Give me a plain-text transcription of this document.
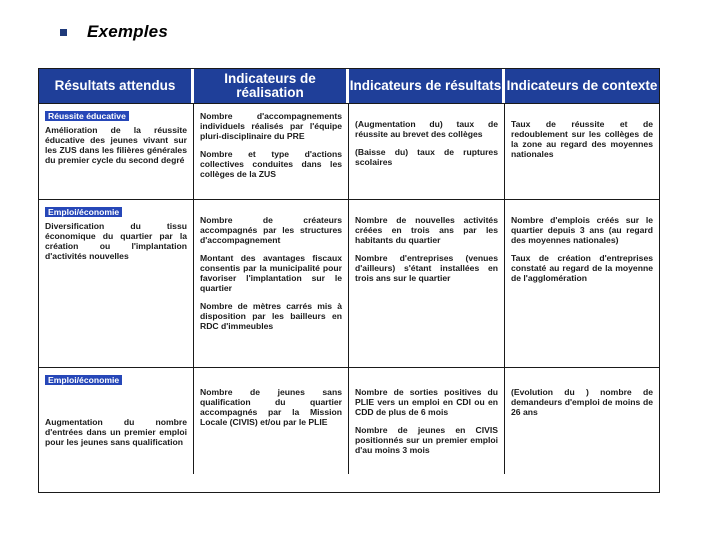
Exemples
Résultats attendus	Indicateurs de réalisation	Indicateurs de résultats Indicateurs de contexte
Réussite éducative

Amélioration de la réussite éducative des jeunes vivant sur les ZUS dans les filières générales du premier cycle du second degré

Nombre d'accompagnements individuels réalisés par l'équipe pluri-disciplinaire du PRE

Nombre et type d'actions collectives conduites dans les collèges de la ZUS

(Augmentation du) taux de réussite au brevet des collèges

(Baisse du) taux de ruptures scolaires

Taux de réussite et de redoublement sur les collèges de la zone au regard des moyennes nationales

Emploi/économie

Diversification du tissu économique du quartier par la création ou l'implantation d'activités nouvelles

Nombre de créateurs accompagnés par les structures d'accompagnement

Montant des avantages fiscaux consentis par la municipalité pour favoriser l'implantation sur le quartier

Nombre de mètres carrés mis à disposition par les bailleurs en RDC d'immeubles

Nombre de nouvelles activités créées en trois ans par les habitants du quartier

Nombre d'entreprises (venues d'ailleurs) s'étant installées en trois ans sur le quartier

Nombre d'emplois créés sur le quartier depuis 3 ans (au regard des moyennes nationales)

Taux de création d'entreprises constaté au regard de la moyenne de l'agglomération

Emploi/économie

Augmentation du nombre d'entrées dans un premier emploi pour les jeunes sans qualification

Nombre de jeunes sans qualification du quartier accompagnés par la Mission Locale (CIVIS) et/ou par le PLIE

Nombre de sorties positives du PLIE vers un emploi en CDI ou en CDD de plus de 6 mois

Nombre de jeunes en CIVIS positionnés sur un premier emploi d'au moins 3 mois

(Evolution du ) nombre de demandeurs d'emploi de moins de 26 ans
